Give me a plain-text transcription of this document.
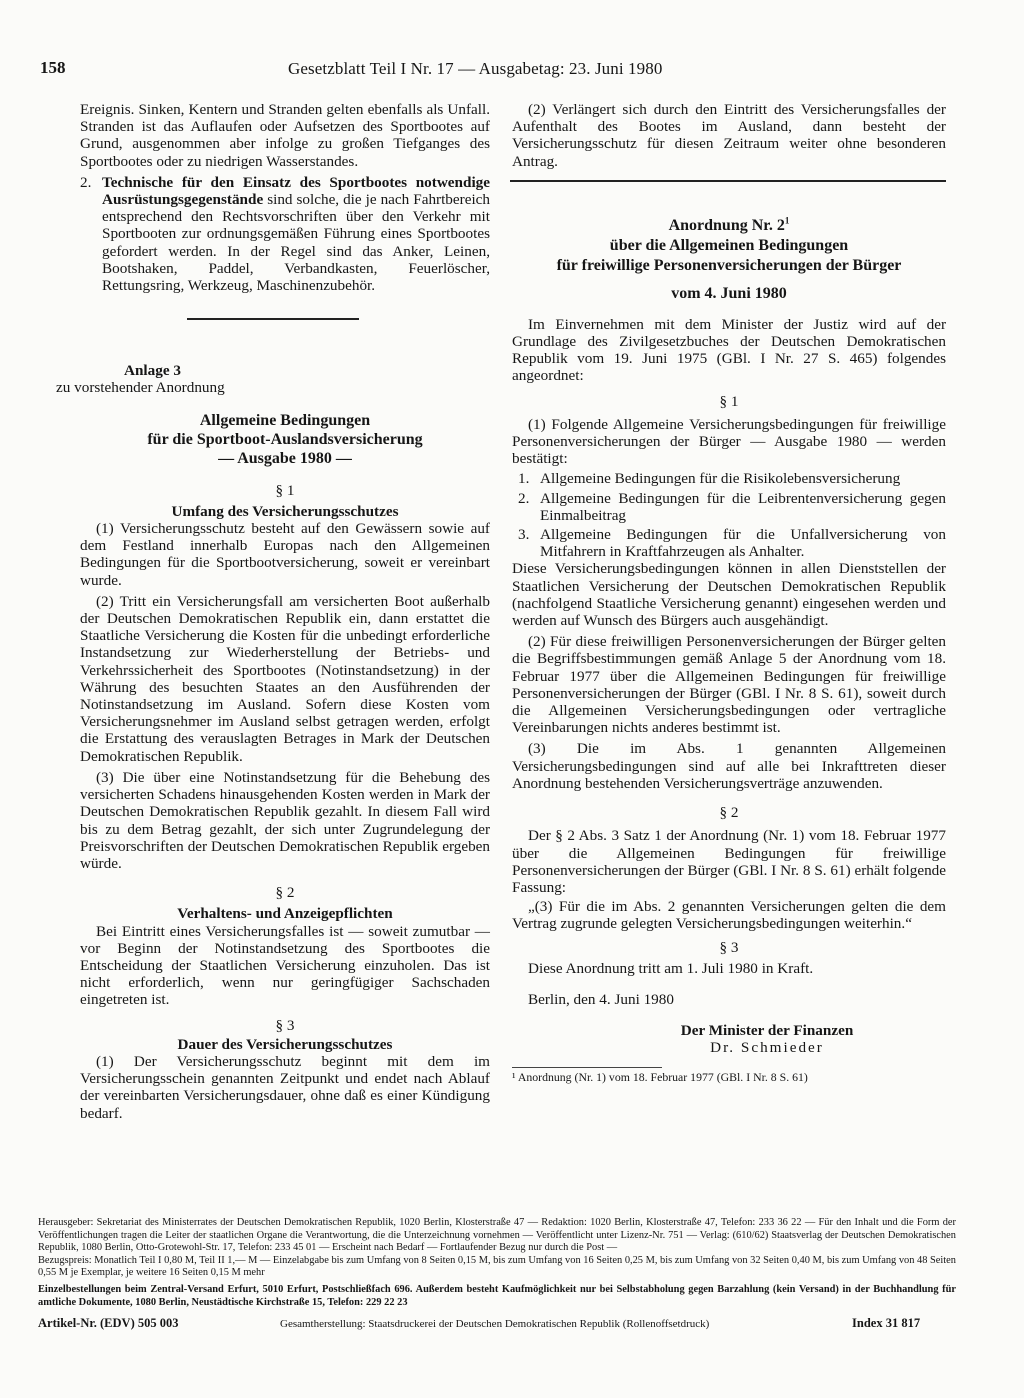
158	Gesetzblatt Teil I Nr. 17 — Ausgabetag: 23. Juni 1980

Ereignis. Sinken, Kentern und Stranden gelten ebenfalls als Unfall. Stranden ist das Auflaufen oder Aufsetzen des Sportbootes auf Grund, ausgenommen aber infolge zu großen Tiefganges des Sportbootes oder zu niedrigen Wasserstandes.

2. Technische für den Einsatz des Sportbootes notwendige Ausrüstungsgegenstände sind solche, die je nach Fahrtbereich entsprechend den Rechtsvorschriften über den Verkehr mit Sportbooten zur ordnungsgemäßen Führung eines Sportbootes gefordert werden. In der Regel sind das Anker, Leinen, Bootshaken, Paddel, Verbandkasten, Feuerlöscher, Rettungsring, Werkzeug, Maschinenzubehör.

Anlage 3

zu vorstehender Anordnung

Allgemeine Bedingungen

für die Sportboot-Auslandsversicherung

— Ausgabe 1980 —

§ 1

Umfang des Versicherungsschutzes

(1) Versicherungsschutz besteht auf den Gewässern sowie auf dem Festland innerhalb Europas nach den Allgemeinen Bedingungen für die Sportbootversicherung, soweit er vereinbart wurde.

(2) Tritt ein Versicherungsfall am versicherten Boot außerhalb der Deutschen Demokratischen Republik ein, dann erstattet die Staatliche Versicherung die Kosten für die unbedingt erforderliche Instandsetzung zur Wiederherstellung der Betriebs- und Verkehrssicherheit des Sportbootes (Notinstandsetzung) in der Währung des besuchten Staates an den Ausführenden der Notinstandsetzung im Ausland. Sofern diese Kosten vom Versicherungsnehmer im Ausland selbst getragen werden, erfolgt die Erstattung des verauslagten Betrages in Mark der Deutschen Demokratischen Republik.

(3) Die über eine Notinstandsetzung für die Behebung des versicherten Schadens hinausgehenden Kosten werden in Mark der Deutschen Demokratischen Republik gezahlt. In diesem Fall wird bis zu dem Betrag gezahlt, der sich unter Zugrundelegung der Preisvorschriften der Deutschen Demokratischen Republik ergeben würde.

§ 2

Verhaltens- und Anzeigepflichten

Bei Eintritt eines Versicherungsfalles ist — soweit zumutbar — vor Beginn der Notinstandsetzung des Sportbootes die Entscheidung der Staatlichen Versicherung einzuholen. Das ist nicht erforderlich, wenn nur geringfügiger Sachschaden eingetreten ist.

§ 3

Dauer des Versicherungsschutzes

(1) Der Versicherungsschutz beginnt mit dem im Versicherungsschein genannten Zeitpunkt und endet nach Ablauf der vereinbarten Versicherungsdauer, ohne daß es einer Kündigung bedarf.

(2) Verlängert sich durch den Eintritt des Versicherungsfalles der Aufenthalt des Bootes im Ausland, dann besteht der Versicherungsschutz für diesen Zeitraum weiter ohne besonderen Antrag.

Anordnung Nr. $2^1$

über die Allgemeinen Bedingungen

für freiwillige Personenversicherungen der Bürger

vom 4. Juni 1980

Im Einvernehmen mit dem Minister der Justiz wird auf der Grundlage des Zivilgesetzbuches der Deutschen Demokratischen Republik vom 19. Juni 1975 (GBl. I Nr. 27 S. 465) folgendes angeordnet:

§ 1

(1) Folgende Allgemeine Versicherungsbedingungen für freiwillige Personenversicherungen der Bürger — Ausgabe 1980 — werden bestätigt:

1. Allgemeine Bedingungen für die Risikolebensversicherung

2. Allgemeine Bedingungen für die Leibrentenversicherung gegen Einmalbeitrag

3. Allgemeine Bedingungen für die Unfallversicherung von Mitfahrern in Kraftfahrzeugen als Anhalter.

Diese Versicherungsbedingungen können in allen Dienststellen der Staatlichen Versicherung der Deutschen Demokratischen Republik (nachfolgend Staatliche Versicherung genannt) eingesehen werden und werden auf Wunsch des Bürgers auch ausgehändigt.

(2) Für diese freiwilligen Personenversicherungen der Bürger gelten die Begriffsbestimmungen gemäß Anlage 5 der Anordnung vom 18. Februar 1977 über die Allgemeinen Bedingungen für freiwillige Personenversicherungen der Bürger (GBl. I Nr. 8 S. 61), soweit durch die Allgemeinen Versicherungsbedingungen oder vertragliche Vereinbarungen nichts anderes bestimmt ist.

(3) Die im Abs. 1 genannten Allgemeinen Versicherungsbedingungen sind auf alle bei Inkrafttreten dieser Anordnung bestehenden Versicherungsverträge anzuwenden.

§ 2

Der § 2 Abs. 3 Satz 1 der Anordnung (Nr. 1) vom 18. Februar 1977 über die Allgemeinen Bedingungen für freiwillige Personenversicherungen der Bürger (GBl. I Nr. 8 S. 61) erhält folgende Fassung:

„(3) Für die im Abs. 2 genannten Versicherungen gelten die dem Vertrag zugrunde gelegten Versicherungsbedingungen weiterhin.“

§ 3

Diese Anordnung tritt am 1. Juli 1980 in Kraft.

Berlin, den 4. Juni 1980

Der Minister der Finanzen

Dr. Schmieder

¹ Anordnung (Nr. 1) vom 18. Februar 1977 (GBl. I Nr. 8 S. 61)

Herausgeber: Sekretariat des Ministerrates der Deutschen Demokratischen Republik, 1020 Berlin, Klosterstraße 47 — Redaktion: 1020 Berlin, Klosterstraße 47, Telefon: 233 36 22 — Für den Inhalt und die Form der Veröffentlichungen tragen die Leiter der staatlichen Organe die Verantwortung, die die Unterzeichnung vornehmen — Veröffentlicht unter Lizenz-Nr. 751 — Verlag: (610/62) Staatsverlag der Deutschen Demokratischen Republik, 1080 Berlin, Otto-Grotewohl-Str. 17, Telefon: 233 45 01 — Erscheint nach Bedarf — Fortlaufender Bezug nur durch die Post —

Bezugspreis: Monatlich Teil I 0,80 M, Teil II 1,— M — Einzelabgabe bis zum Umfang von 8 Seiten 0,15 M, bis zum Umfang von 16 Seiten 0,25 M, bis zum Umfang von 32 Seiten 0,40 M, bis zum Umfang von 48 Seiten 0,55 M je Exemplar, je weitere 16 Seiten 0,15 M mehr

Einzelbestellungen beim Zentral-Versand Erfurt, 5010 Erfurt, Postschließfach 696. Außerdem besteht Kaufmöglichkeit nur bei Selbstabholung gegen Barzahlung (kein Versand) in der Buchhandlung für amtliche Dokumente, 1080 Berlin, Neustädtische Kirchstraße 15, Telefon: 229 22 23

Artikel-Nr. (EDV) 505 003	Gesamtherstellung: Staatsdruckerei der Deutschen Demokratischen Republik (Rollenoffsetdruck)	Index 31 817
